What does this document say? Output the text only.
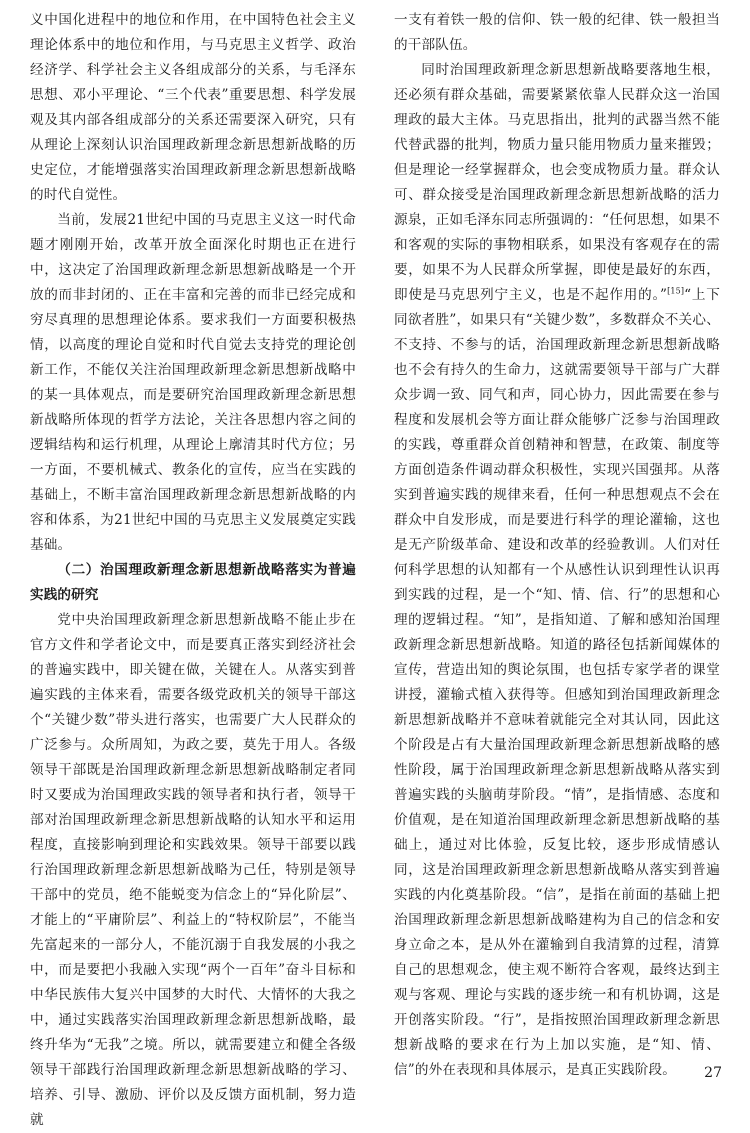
义中国化进程中的地位和作用，在中国特色社会主义理论体系中的地位和作用，与马克思主义哲学、政治经济学、科学社会主义各组成部分的关系，与毛泽东思想、邓小平理论、“三个代表”重要思想、科学发展观及其内部各组成部分的关系还需要深入研究，只有从理论上深刻认识治国理政新理念新思想新战略的历史定位，才能增强落实治国理政新理念新思想新战略的时代自觉性。

当前，发展21世纪中国的马克思主义这一时代命题才刚刚开始，改革开放全面深化时期也正在进行中，这决定了治国理政新理念新思想新战略是一个开放的而非封闭的、正在丰富和完善的而非已经完成和穷尽真理的思想理论体系。要求我们一方面要积极热情，以高度的理论自觉和时代自觉去支持党的理论创新工作，不能仅关注治国理政新理念新思想新战略中的某一具体观点，而是要研究治国理政新理念新思想新战略所体现的哲学方法论，关注各思想内容之间的逻辑结构和运行机理，从理论上廓清其时代方位；另一方面，不要机械式、教条化的宣传，应当在实践的基础上，不断丰富治国理政新理念新思想新战略的内容和体系，为21世纪中国的马克思主义发展奠定实践基础。

（二）治国理政新理念新思想新战略落实为普遍实践的研究

党中央治国理政新理念新思想新战略不能止步在官方文件和学者论文中，而是要真正落实到经济社会的普遍实践中，即关键在做，关键在人。从落实到普遍实践的主体来看，需要各级党政机关的领导干部这个“关键少数”带头进行落实，也需要广大人民群众的广泛参与。众所周知，为政之要，莫先于用人。各级领导干部既是治国理政新理念新思想新战略制定者同时又要成为治国理政实践的领导者和执行者，领导干部对治国理政新理念新思想新战略的认知水平和运用程度，直接影响到理论和实践效果。领导干部要以践行治国理政新理念新思想新战略为己任，特别是领导干部中的党员，绝不能蜕变为信念上的“异化阶层”、才能上的“平庸阶层”、利益上的“特权阶层”，不能当先富起来的一部分人，不能沉溺于自我发展的小我之中，而是要把小我融入实现“两个一百年”奋斗目标和中华民族伟大复兴中国梦的大时代、大情怀的大我之中，通过实践落实治国理政新理念新思想新战略，最终升华为“无我”之境。所以，就需要建立和健全各级领导干部践行治国理政新理念新思想新战略的学习、培养、引导、激励、评价以及反馈方面机制，努力造就

一支有着铁一般的信仰、铁一般的纪律、铁一般担当的干部队伍。

同时治国理政新理念新思想新战略要落地生根，还必须有群众基础，需要紧紧依靠人民群众这一治国理政的最大主体。马克思指出，批判的武器当然不能代替武器的批判，物质力量只能用物质力量来摧毁；但是理论一经掌握群众，也会变成物质力量。群众认可、群众接受是治国理政新理念新思想新战略的活力源泉，正如毛泽东同志所强调的：“任何思想，如果不和客观的实际的事物相联系，如果没有客观存在的需要，如果不为人民群众所掌握，即使是最好的东西，即使是马克思列宁主义，也是不起作用的。”[15]“上下同欲者胜”，如果只有“关键少数”，多数群众不关心、不支持、不参与的话，治国理政新理念新思想新战略也不会有持久的生命力，这就需要领导干部与广大群众步调一致、同气和声，同心协力，因此需要在参与程度和发展机会等方面让群众能够广泛参与治国理政的实践，尊重群众首创精神和智慧，在政策、制度等方面创造条件调动群众积极性，实现兴国强邦。从落实到普遍实践的规律来看，任何一种思想观点不会在群众中自发形成，而是要进行科学的理论灌输，这也是无产阶级革命、建设和改革的经验教训。人们对任何科学思想的认知都有一个从感性认识到理性认识再到实践的过程，是一个“知、情、信、行”的思想和心理的逻辑过程。“知”，是指知道、了解和感知治国理政新理念新思想新战略。知道的路径包括新闻媒体的宣传，营造出知的舆论氛围，也包括专家学者的课堂讲授，灌输式植入获得等。但感知到治国理政新理念新思想新战略并不意味着就能完全对其认同，因此这个阶段是占有大量治国理政新理念新思想新战略的感性阶段，属于治国理政新理念新思想新战略从落实到普遍实践的头脑萌芽阶段。“情”，是指情感、态度和价值观，是在知道治国理政新理念新思想新战略的基础上，通过对比体验，反复比较，逐步形成情感认同，这是治国理政新理念新思想新战略从落实到普遍实践的内化奠基阶段。“信”，是指在前面的基础上把治国理政新理念新思想新战略建构为自己的信念和安身立命之本，是从外在灌输到自我清算的过程，清算自己的思想观念，使主观不断符合客观，最终达到主观与客观、理论与实践的逐步统一和有机协调，这是开创落实阶段。“行”，是指按照治国理政新理念新思想新战略的要求在行为上加以实施，是“知、情、信”的外在表现和具体展示，是真正实践阶段。	27
